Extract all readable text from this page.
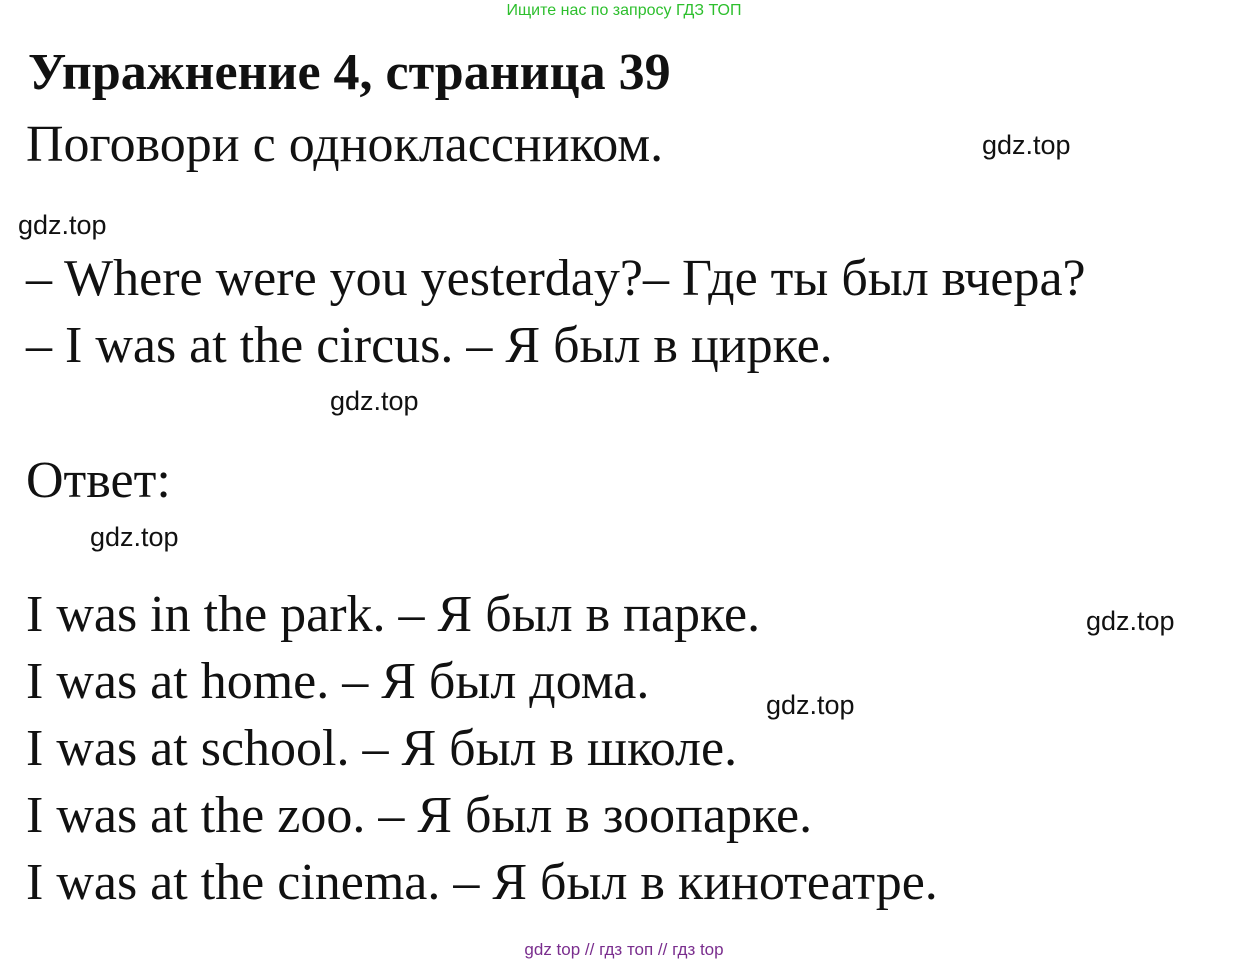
Ищите нас по запросу ГДЗ ТОП
Упражнение 4, страница 39
Поговори с одноклассником.	gdz.top
gdz.top
– Where were you yesterday?– Где ты был вчера?
– I was at the circus. – Я был в цирке.
gdz.top
Ответ:
gdz.top
I was in the park. – Я был в парке.	gdz.top
I was at home. – Я был дома.	gdz.top
I was at school. – Я был в школе.
I was at the zoo. – Я был в зоопарке.
I was at the cinema. – Я был в кинотеатре.
gdz top // гдз топ // гдз top
